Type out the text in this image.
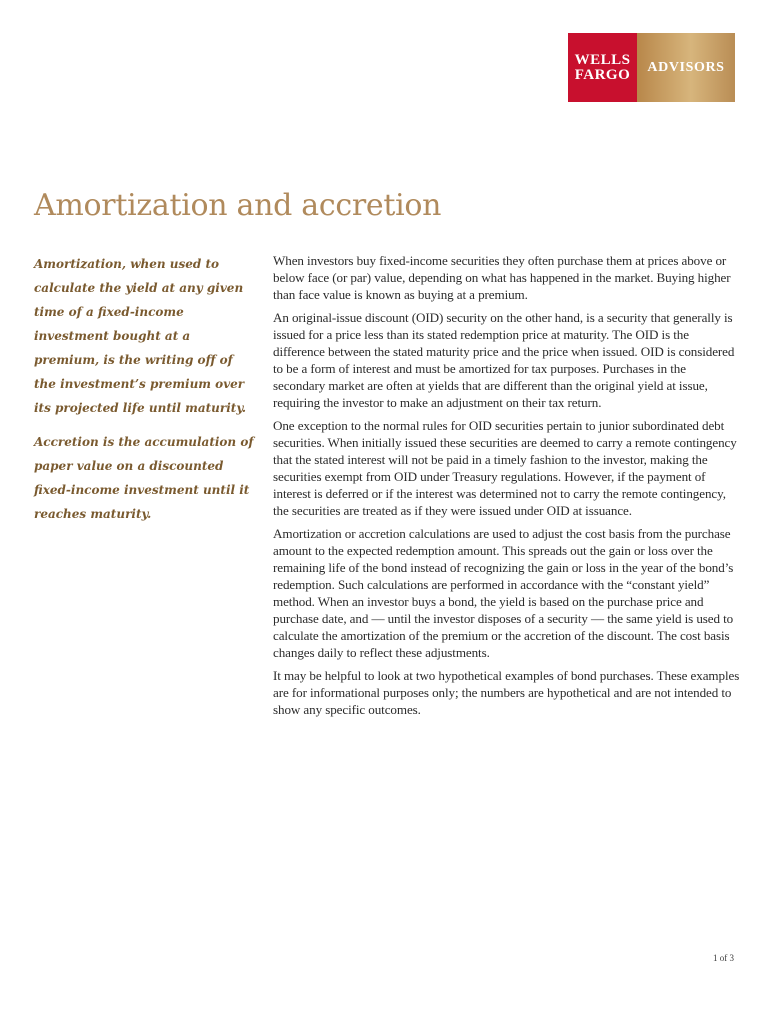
WELLS
FARGO ADVISORS
Amortization and accretion

Amortization, when used to calculate the yield at any given time of a fixed-income investment bought at a premium, is the writing off of the investment’s premium over its projected life until maturity.

Accretion is the accumulation of paper value on a discounted fixed-income investment until it reaches maturity.

When investors buy fixed-income securities they often purchase them at prices above or below face (or par) value, depending on what has happened in the market. Buying higher than face value is known as buying at a premium.

An original-issue discount (OID) security on the other hand, is a security that generally is issued for a price less than its stated redemption price at maturity. The OID is the difference between the stated maturity price and the price when issued. OID is considered to be a form of interest and must be amortized for tax purposes. Purchases in the secondary market are often at yields that are different than the original yield at issue, requiring the investor to make an adjustment on their tax return.

One exception to the normal rules for OID securities pertain to junior subordinated debt securities. When initially issued these securities are deemed to carry a remote contingency that the stated interest will not be paid in a timely fashion to the investor, making the securities exempt from OID under Treasury regulations. However, if the payment of interest is deferred or if the interest was determined not to carry the remote contingency, the securities are treated as if they were issued under OID at issuance.

Amortization or accretion calculations are used to adjust the cost basis from the purchase amount to the expected redemption amount. This spreads out the gain or loss over the remaining life of the bond instead of recognizing the gain or loss in the year of the bond’s redemption. Such calculations are performed in accordance with the “constant yield” method. When an investor buys a bond, the yield is based on the purchase price and purchase date, and — until the investor disposes of a security — the same yield is used to calculate the amortization of the premium or the accretion of the discount. The cost basis changes daily to reflect these adjustments.

It may be helpful to look at two hypothetical examples of bond purchases. These examples are for informational purposes only; the numbers are hypothetical and are not intended to show any specific outcomes.

1 of 3
